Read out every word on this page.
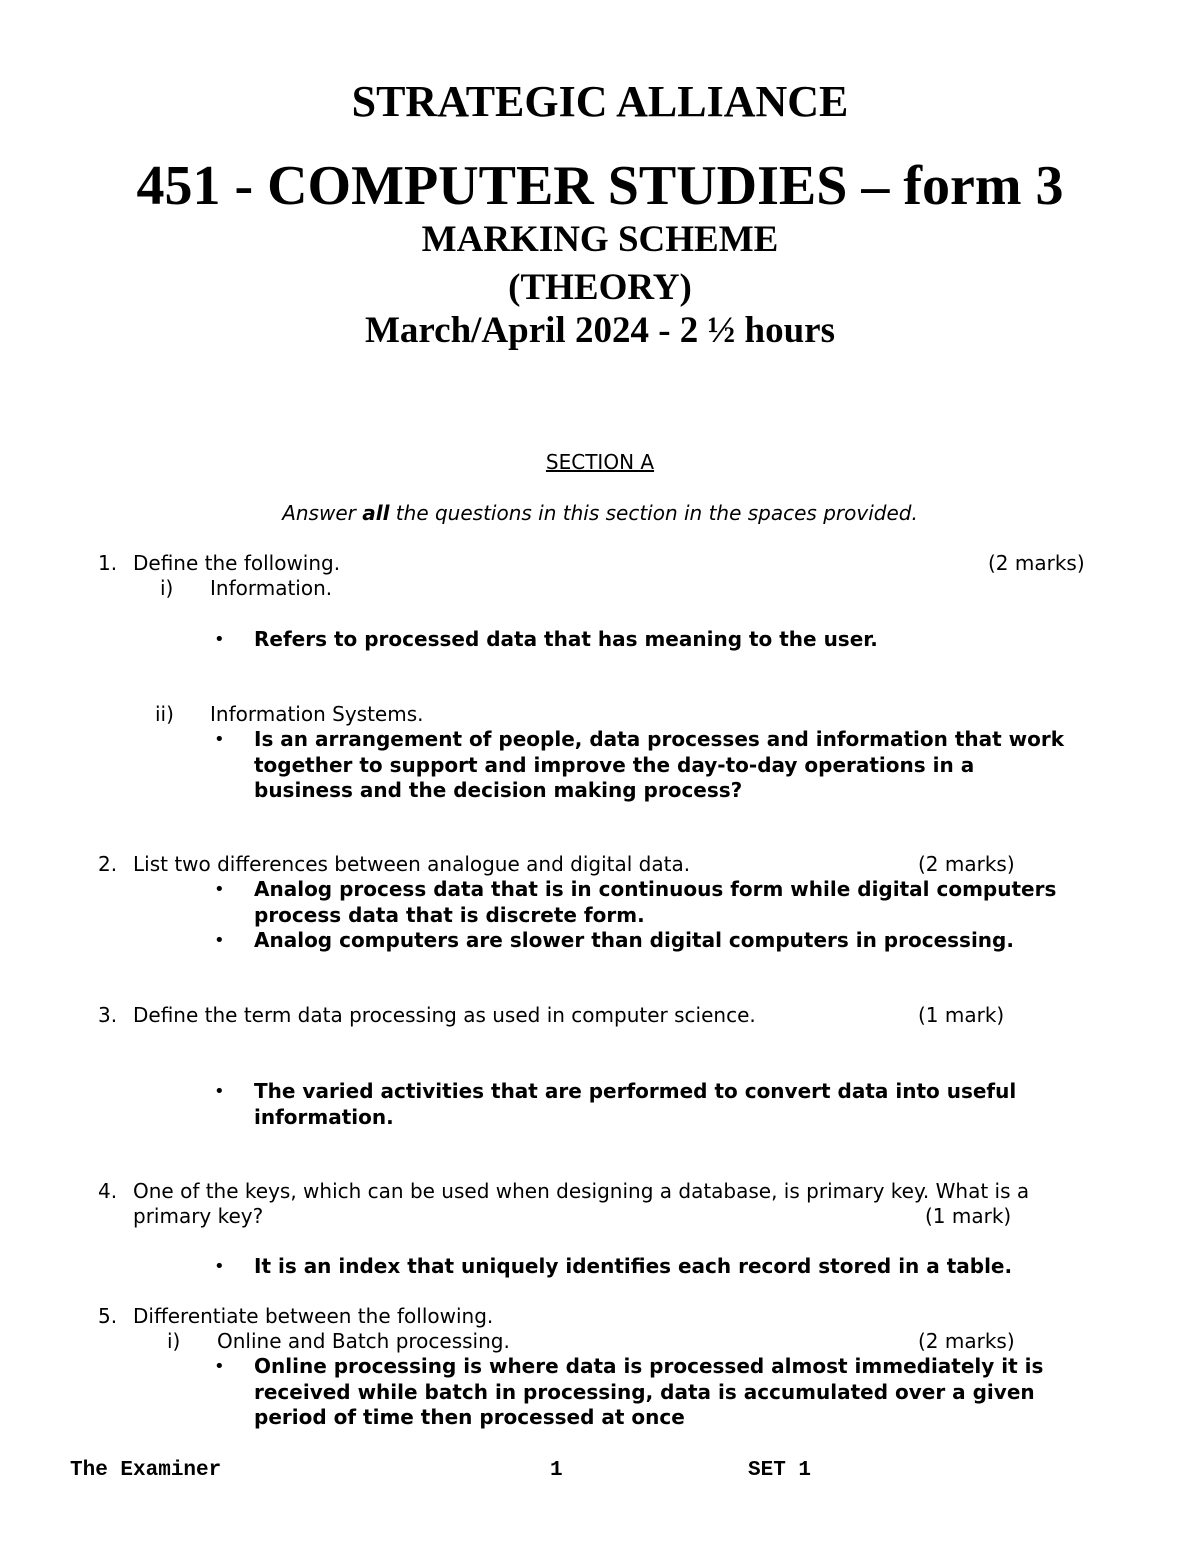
STRATEGIC ALLIANCE
451 - COMPUTER STUDIES – form 3
MARKING SCHEME
(THEORY)
March/April 2024 - 2 ½ hours
SECTION A
Answer all the questions in this section in the spaces provided.
1. Define the following.	(2 marks)
i) Information.
• Refers to processed data that has meaning to the user.
ii) Information Systems.
• Is an arrangement of people, data processes and information that work
together to support and improve the day-to-day operations in a
business and the decision making process?
2. List two differences between analogue and digital data.	(2 marks)
• Analog process data that is in continuous form while digital computers
process data that is discrete form.
• Analog computers are slower than digital computers in processing.
3. Define the term data processing as used in computer science.	(1 mark)
• The varied activities that are performed to convert data into useful
information.
4. One of the keys, which can be used when designing a database, is primary key. What is a
primary key?	(1 mark)
• It is an index that uniquely identifies each record stored in a table.
5. Differentiate between the following.
i) Online and Batch processing.	(2 marks)
• Online processing is where data is processed almost immediately it is
received while batch in processing, data is accumulated over a given
period of time then processed at once
The Examiner	1	SET 1
